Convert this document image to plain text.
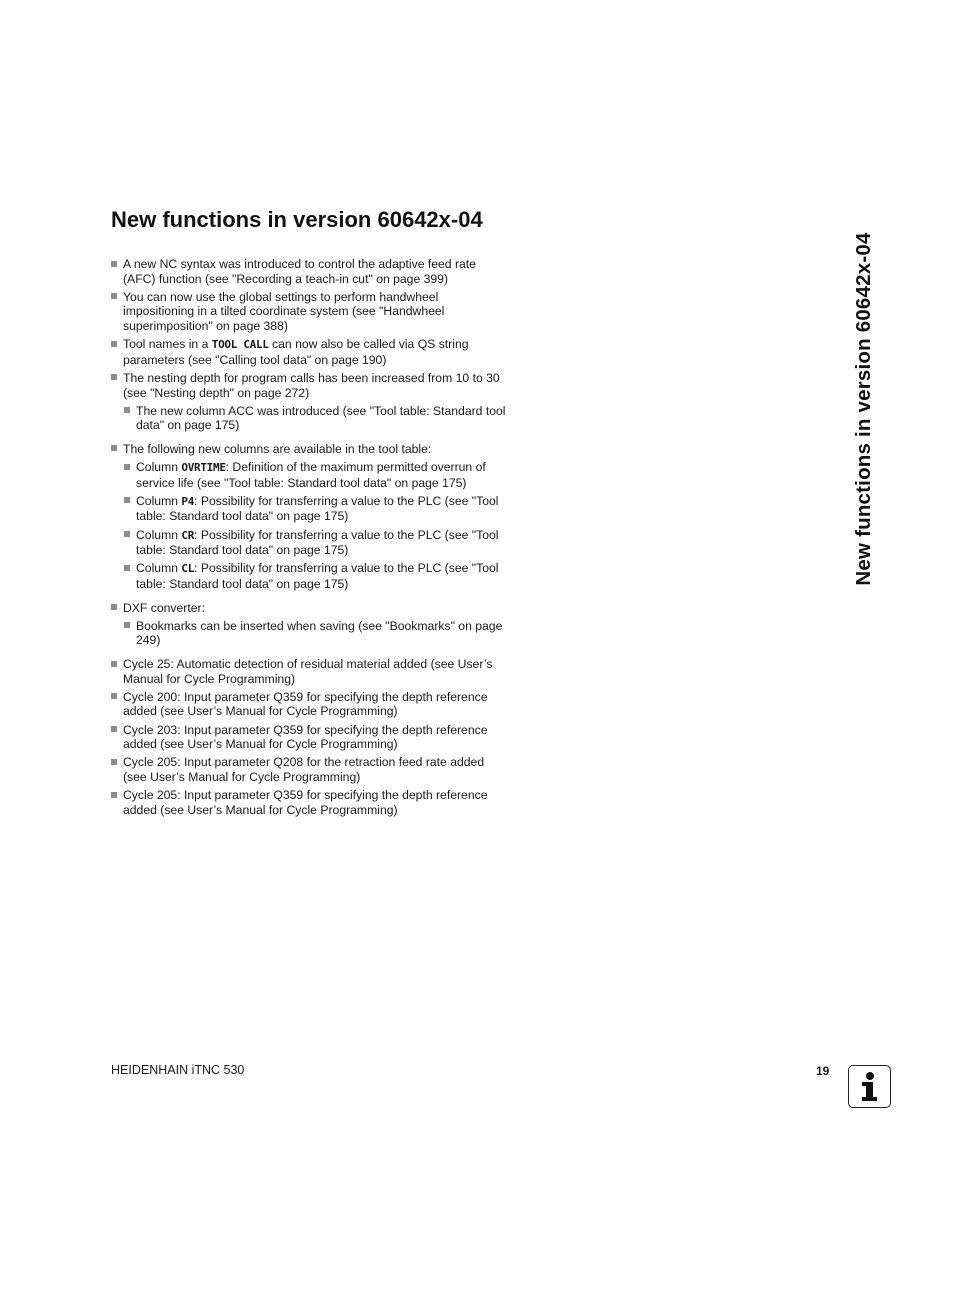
New functions in version 60642x-04
A new NC syntax was introduced to control the adaptive feed rate (AFC) function (see "Recording a teach-in cut" on page 399)
You can now use the global settings to perform handwheel impositioning in a tilted coordinate system (see "Handwheel superimposition" on page 388)
Tool names in a TOOL CALL can now also be called via QS string parameters (see "Calling tool data" on page 190)
The nesting depth for program calls has been increased from 10 to 30 (see "Nesting depth" on page 272)
The new column ACC was introduced (see "Tool table: Standard tool data" on page 175)
The following new columns are available in the tool table:
Column OVRTIME: Definition of the maximum permitted overrun of service life (see "Tool table: Standard tool data" on page 175)
Column P4: Possibility for transferring a value to the PLC (see "Tool table: Standard tool data" on page 175)
Column CR: Possibility for transferring a value to the PLC (see "Tool table: Standard tool data" on page 175)
Column CL: Possibility for transferring a value to the PLC (see "Tool table: Standard tool data" on page 175)
DXF converter:
Bookmarks can be inserted when saving (see "Bookmarks" on page 249)
Cycle 25: Automatic detection of residual material added (see User’s Manual for Cycle Programming)
Cycle 200: Input parameter Q359 for specifying the depth reference added (see User’s Manual for Cycle Programming)
Cycle 203: Input parameter Q359 for specifying the depth reference added (see User’s Manual for Cycle Programming)
Cycle 205: Input parameter Q208 for the retraction feed rate added (see User’s Manual for Cycle Programming)
Cycle 205: Input parameter Q359 for specifying the depth reference added (see User’s Manual for Cycle Programming)
New functions in version 60642x-04
HEIDENHAIN iTNC 530	19
